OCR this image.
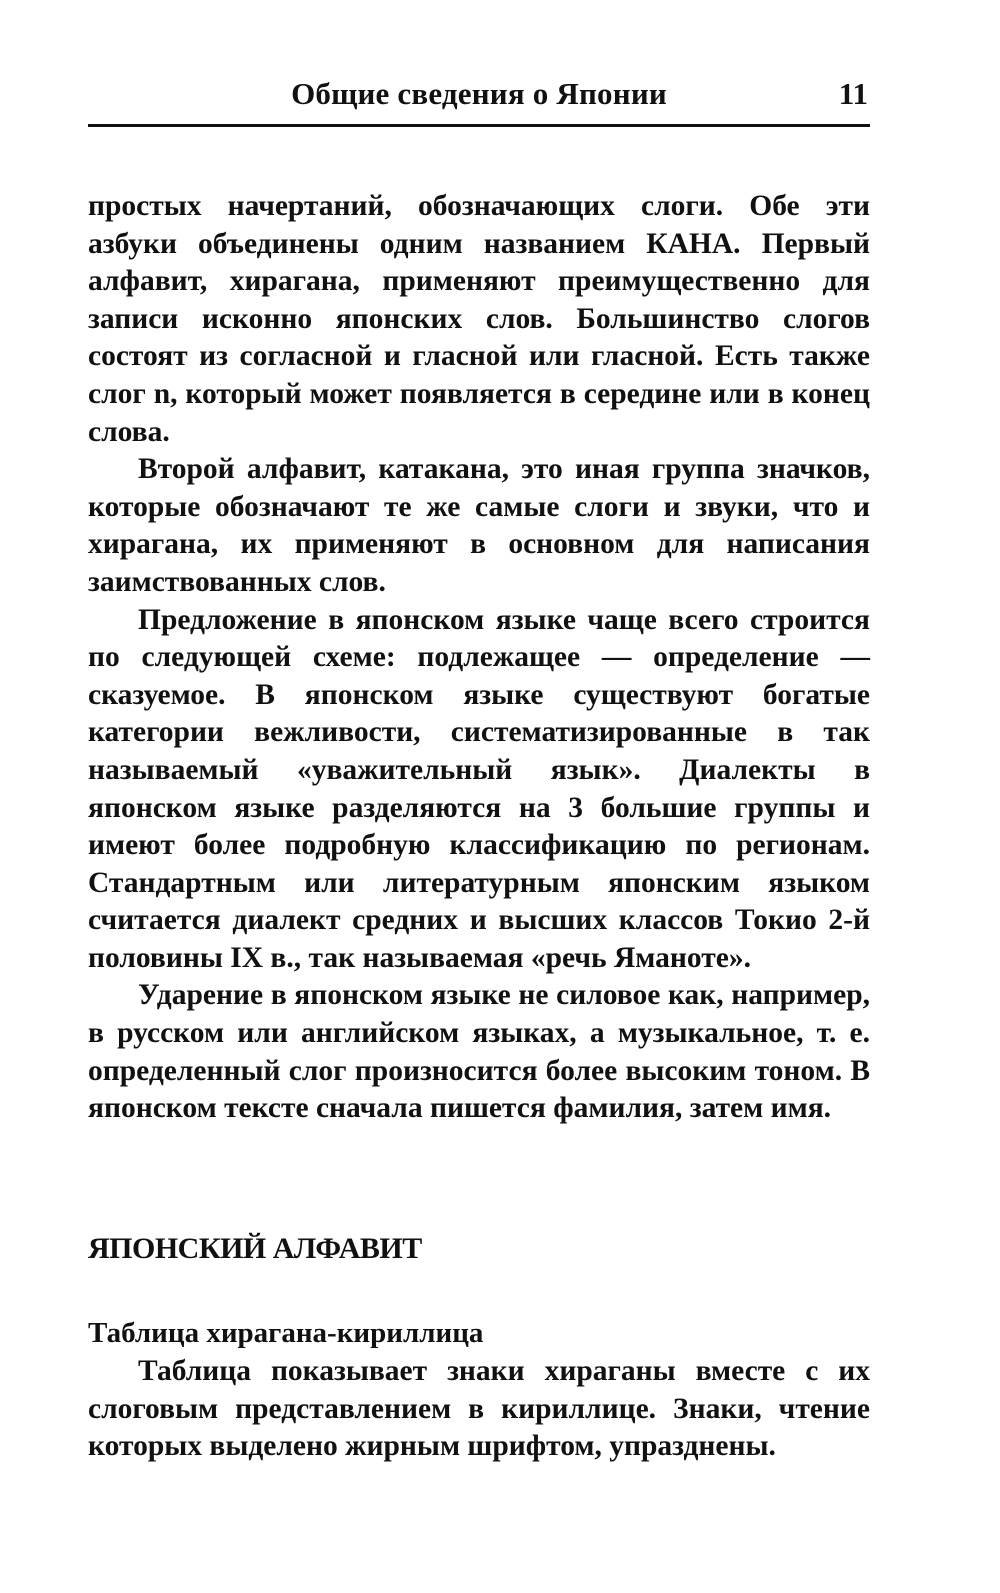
Общие сведения о Японии	11

простых начертаний, обозначающих слоги. Обе эти азбуки объединены одним названием КАНА. Первый алфавит, хирагана, применяют преимущественно для записи исконно японских слов. Большинство слогов состоят из согласной и гласной или гласной. Есть также слог n, который может появляется в середине или в конец слова.

Второй алфавит, катакана, это иная группа значков, которые обозначают те же самые слоги и звуки, что и хирагана, их применяют в основном для написания заимствованных слов.

Предложение в японском языке чаще всего строится по следующей схеме: подлежащее — определение — сказуемое. В японском языке существуют богатые категории вежливости, систематизированные в так называемый «уважительный язык». Диалекты в японском языке разделяются на 3 большие группы и имеют более подробную классификацию по регионам. Стандартным или литературным японским языком считается диалект средних и высших классов Токио 2-й половины IX в., так называемая «речь Яманоте».

Ударение в японском языке не силовое как, например, в русском или английском языках, а музыкальное, т. е. определенный слог произносится более высоким тоном. В японском тексте сначала пишется фамилия, затем имя.

ЯПОНСКИЙ АЛФАВИТ
Таблица хирагана-кириллица

Таблица показывает знаки хираганы вместе с их слоговым представлением в кириллице. Знаки, чтение которых выделено жирным шрифтом, упразднены.
